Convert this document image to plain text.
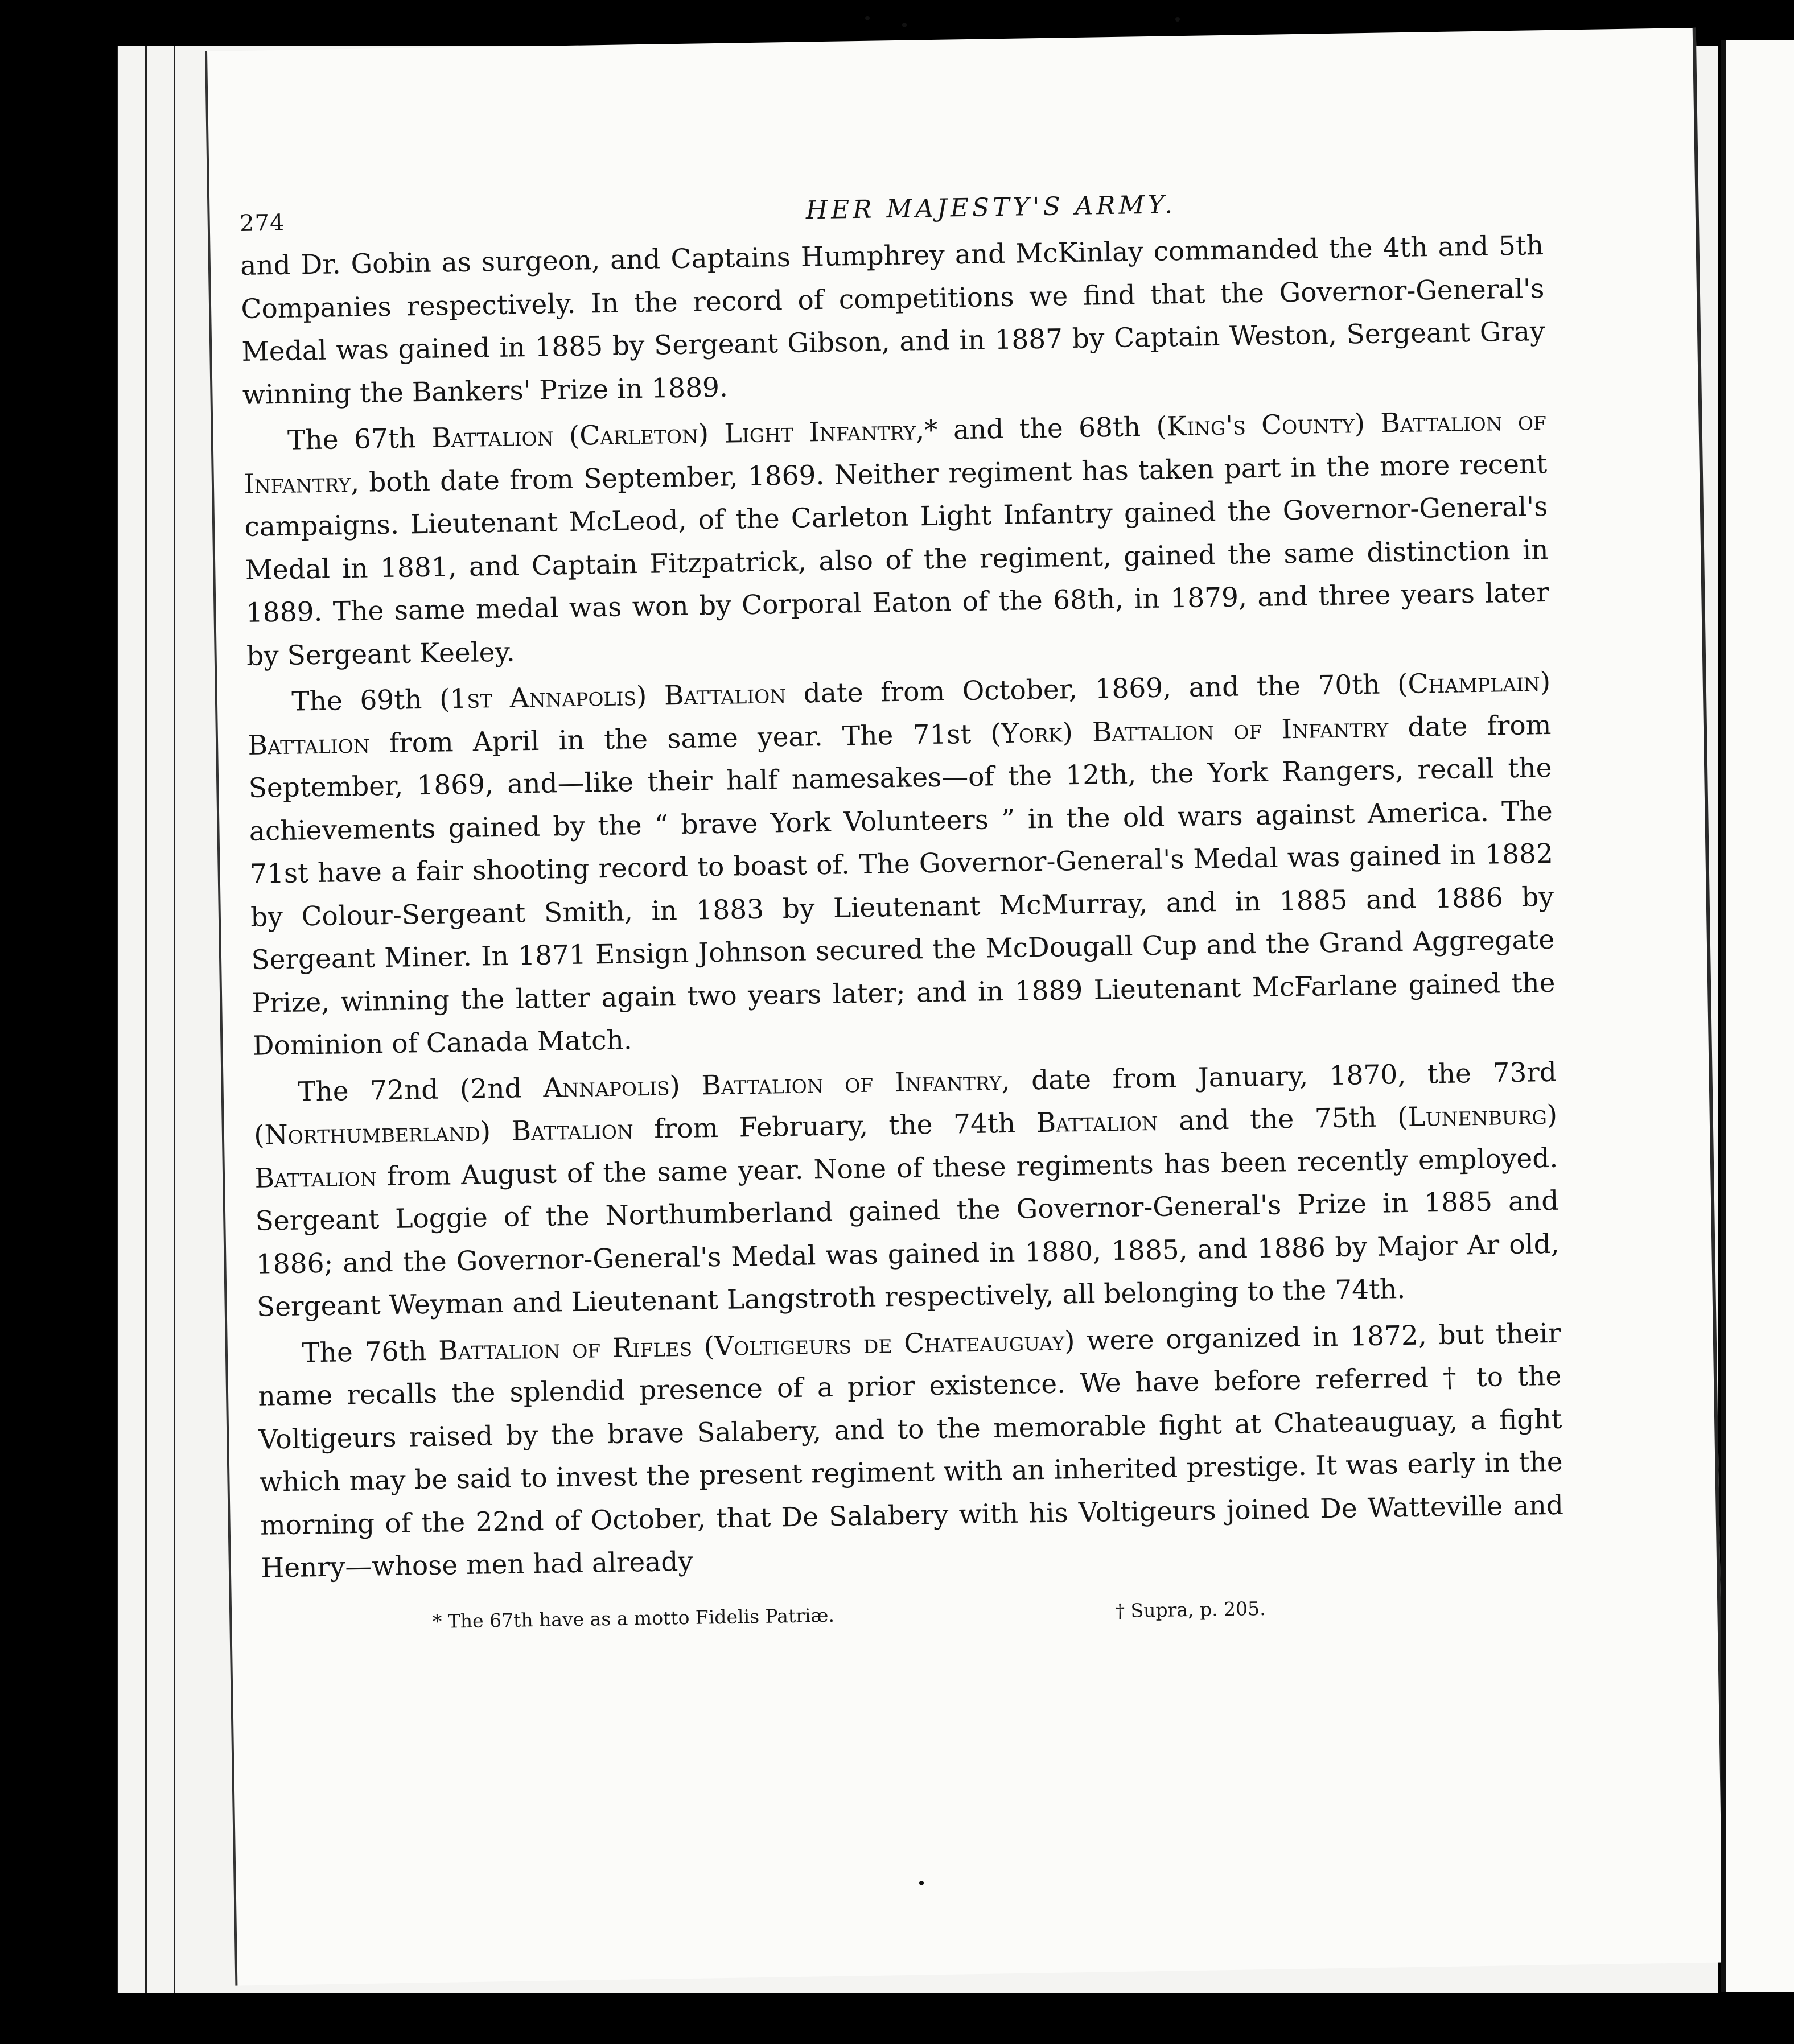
274	HER MAJESTY'S ARMY.

and Dr. Gobin as surgeon, and Captains Humphrey and McKinlay commanded the 4th and 5th Companies respectively. In the record of competitions we find that the Governor-General's Medal was gained in 1885 by Sergeant Gibson, and in 1887 by Captain Weston, Sergeant Gray winning the Bankers' Prize in 1889.

The 67th Battalion (Carleton) Light Infantry,* and the 68th (King's County) Battalion of Infantry, both date from September, 1869. Neither regiment has taken part in the more recent campaigns. Lieutenant McLeod, of the Carleton Light Infantry gained the Governor-General's Medal in 1881, and Captain Fitzpatrick, also of the regiment, gained the same distinction in 1889. The same medal was won by Corporal Eaton of the 68th, in 1879, and three years later by Sergeant Keeley.

The 69th (1st Annapolis) Battalion date from October, 1869, and the 70th (Champlain) Battalion from April in the same year. The 71st (York) Battalion of Infantry date from September, 1869, and—like their half namesakes—of the 12th, the York Rangers, recall the achievements gained by the “ brave York Volunteers ” in the old wars against America. The 71st have a fair shooting record to boast of. The Governor-General's Medal was gained in 1882 by Colour-Sergeant Smith, in 1883 by Lieutenant McMurray, and in 1885 and 1886 by Sergeant Miner. In 1871 Ensign Johnson secured the McDougall Cup and the Grand Aggregate Prize, winning the latter again two years later; and in 1889 Lieutenant McFarlane gained the Dominion of Canada Match.

The 72nd (2nd Annapolis) Battalion of Infantry, date from January, 1870, the 73rd (Northumberland) Battalion from February, the 74th Battalion and the 75th (Lunenburg) Battalion from August of the same year. None of these regiments has been recently employed. Sergeant Loggie of the Northumberland gained the Governor-General's Prize in 1885 and 1886; and the Governor-General's Medal was gained in 1880, 1885, and 1886 by Major Ar old, Sergeant Weyman and Lieutenant Langstroth respectively, all belonging to the 74th.

The 76th Battalion of Rifles (Voltigeurs de Chateauguay) were organized in 1872, but their name recalls the splendid presence of a prior existence. We have before referred † to the Voltigeurs raised by the brave Salabery, and to the memorable fight at Chateauguay, a fight which may be said to invest the present regiment with an inherited prestige. It was early in the morning of the 22nd of October, that De Salabery with his Voltigeurs joined De Watteville and Henry—whose men had already

* The 67th have as a motto Fidelis Patriæ.	† Supra, p. 205.
